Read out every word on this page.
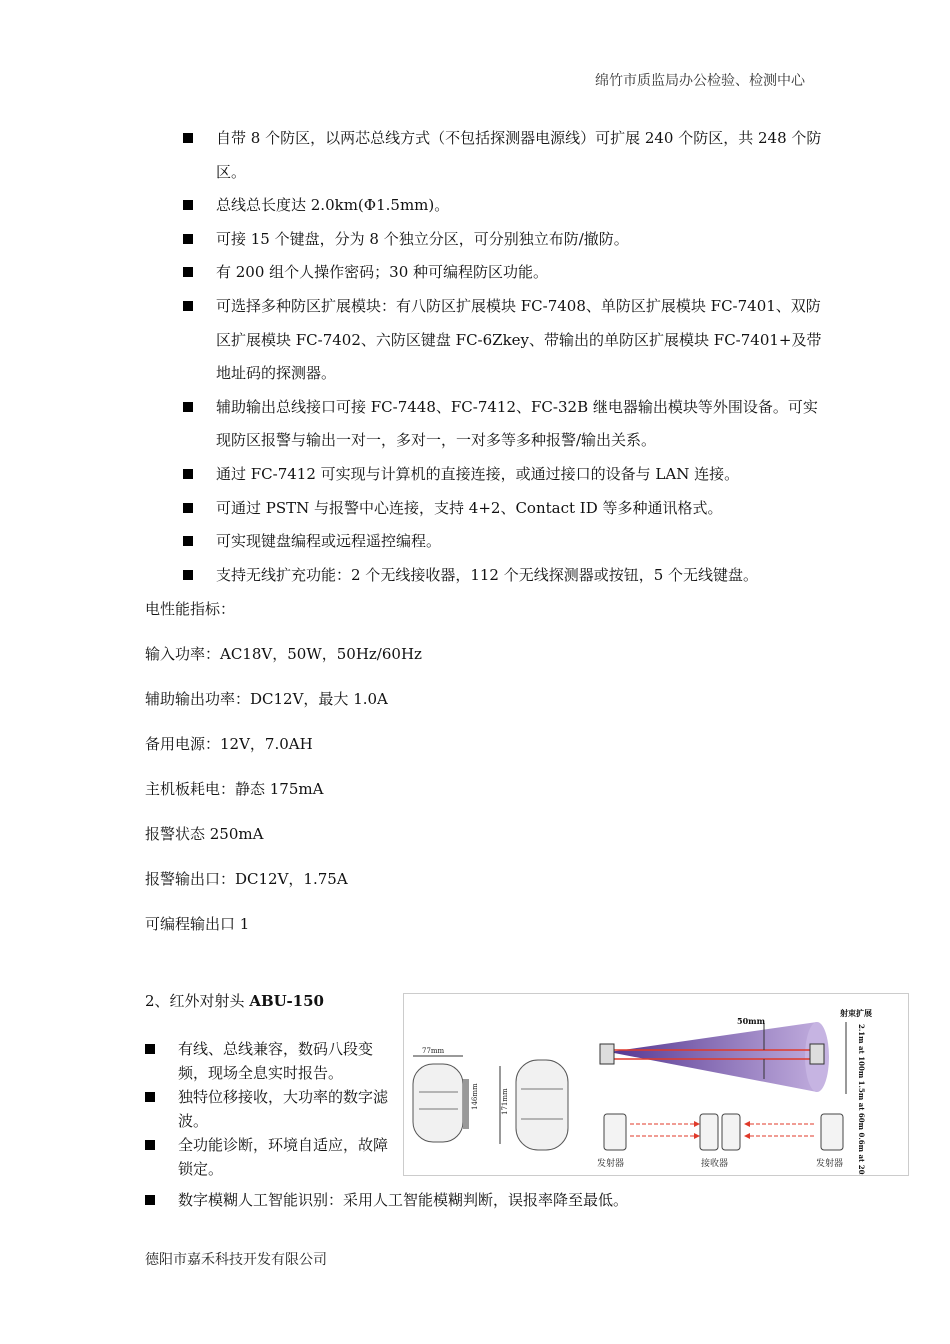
绵竹市质监局办公检验、检测中心
自带 8 个防区，以两芯总线方式（不包括探测器电源线）可扩展 240 个防区，共 248 个防区。
总线总长度达 2.0km(Φ1.5mm)。
可接 15 个键盘，分为 8 个独立分区，可分别独立布防/撤防。
有 200 组个人操作密码；30 种可编程防区功能。
可选择多种防区扩展模块：有八防区扩展模块 FC-7408、单防区扩展模块 FC-7401、双防区扩展模块 FC-7402、六防区键盘 FC-6Zkey、带输出的单防区扩展模块 FC-7401+及带地址码的探测器。
辅助输出总线接口可接 FC-7448、FC-7412、FC-32B 继电器输出模块等外围设备。可实现防区报警与输出一对一，多对一，一对多等多种报警/输出关系。
通过 FC-7412 可实现与计算机的直接连接，或通过接口的设备与 LAN 连接。
可通过 PSTN 与报警中心连接，支持 4+2、Contact ID 等多种通讯格式。
可实现键盘编程或远程遥控编程。
支持无线扩充功能：2 个无线接收器，112 个无线探测器或按钮，5 个无线键盘。
电性能指标：
输入功率：AC18V，50W，50Hz/60Hz
辅助输出功率：DC12V，最大 1.0A
备用电源：12V，7.0AH
主机板耗电：静态 175mA
报警状态 250mA
报警输出口：DC12V，1.75A
可编程输出口 1
2、红外对射头 ABU-150
有线、总线兼容，数码八段变频，现场全息实时报告。
独特位移接收，大功率的数字滤波。
全功能诊断，环境自适应，故障锁定。
数字模糊人工智能识别：采用人工智能模糊判断，误报率降至最低。
77mm
146mm	171mm
50mm
射束扩展
2.1m at 100m 1.5m at 60m 0.6m at 20m
发射器	接收器	发射器
德阳市嘉禾科技开发有限公司
